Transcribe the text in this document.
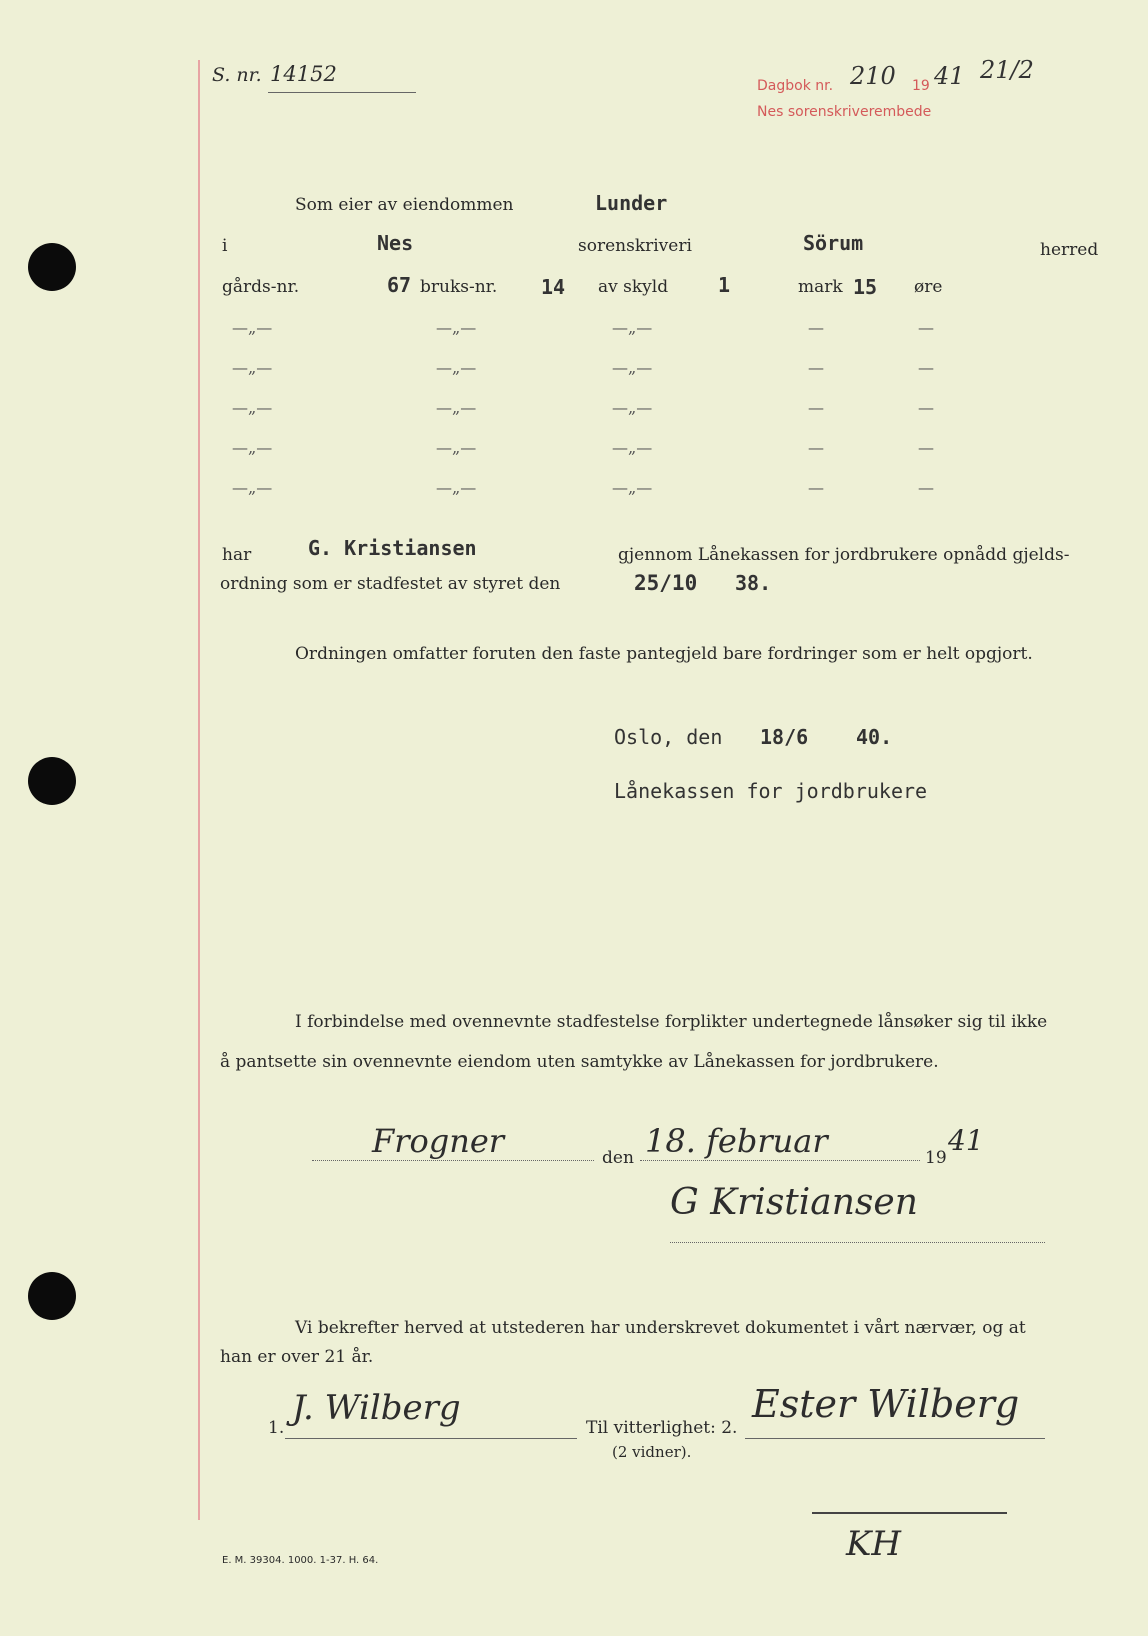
S. nr. 14152	Dagbok nr. 210 19 41 21/2
Nes sorenskriverembede
Som eier av eiendommen	Lunder
i	Nes	sorenskriveri	Sörum	herred
gårds-nr.	67 bruks-nr. 14 av skyld 1	mark 15 øre
—„—	—„—	—„—	—	—
—„—	—„—	—„—	—	—
—„—	—„—	—„—	—	—
—„—	—„—	—„—	—	—
—„—	—„—	—„—	—	—
har	G. Kristiansen	gjennom Lånekassen for jordbrukere opnådd gjelds-
ordning som er stadfestet av styret den	25/10 38.
Ordningen omfatter foruten den faste pantegjeld bare fordringer som er helt opgjort.
Oslo, den 18/6 40.
Lånekassen for jordbrukere
I forbindelse med ovennevnte stadfestelse forplikter undertegnede lånsøker sig til ikke
å pantsette sin ovennevnte eiendom uten samtykke av Lånekassen for jordbrukere.
Frogner	den 18. februar	19
41
G Kristiansen
Vi bekrefter herved at utstederen har underskrevet dokumentet i vårt nærvær, og at
han er over 21 år.
1. J. Wilberg	Til vitterlighet: 2.
Ester Wilberg
(2 vidner).
KH
E. M. 39304. 1000. 1-37. H. 64.
